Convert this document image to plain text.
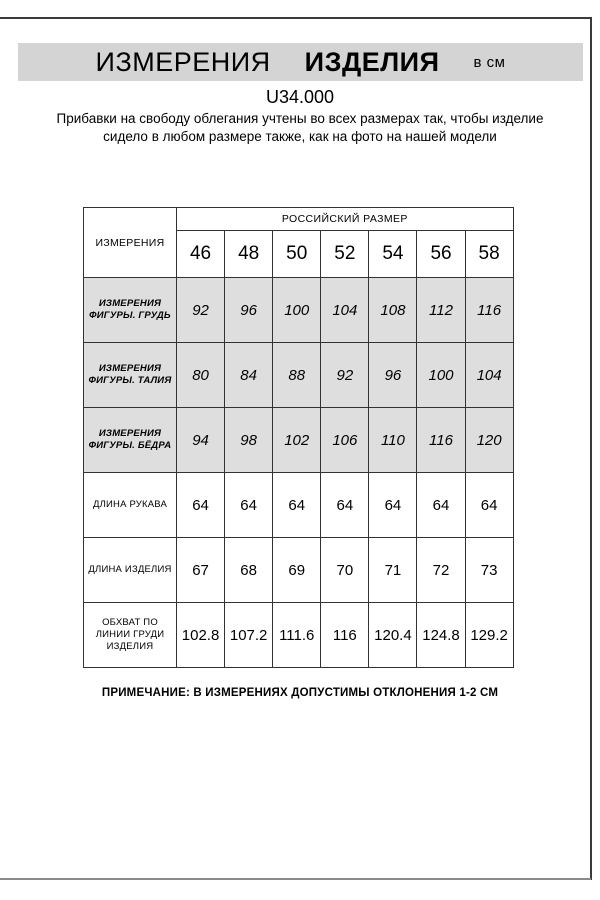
ИЗМЕРЕНИЯ ИЗДЕЛИЯ в см
U34.000
Прибавки на свободу облегания учтены во всех размерах так, чтобы изделие сидело в любом размере также, как на фото на нашей модели
ИЗМЕРЕНИЯ	РОССИЙСКИЙ РАЗМЕР						
	46	48	50	52	54	56	58

ИЗМЕРЕНИЯ
ФИГУРЫ. ГРУДЬ	92	96	100	104	108	112	116

ИЗМЕРЕНИЯ
ФИГУРЫ. ТАЛИЯ	80	84	88	92	96	100	104

ИЗМЕРЕНИЯ
ФИГУРЫ. БЁДРА	94	98	102	106	110	116	120

ДЛИНА РУКАВА	64	64	64	64	64	64	64

ДЛИНА ИЗДЕЛИЯ	67	68	69	70	71	72	73

ОБХВАТ ПО ЛИНИИ ГРУДИ
ИЗДЕЛИЯ	102.8	107.2	111.6	116	120.4	124.8	129.2
ПРИМЕЧАНИЕ: В ИЗМЕРЕНИЯХ ДОПУСТИМЫ ОТКЛОНЕНИЯ 1-2 СМ
